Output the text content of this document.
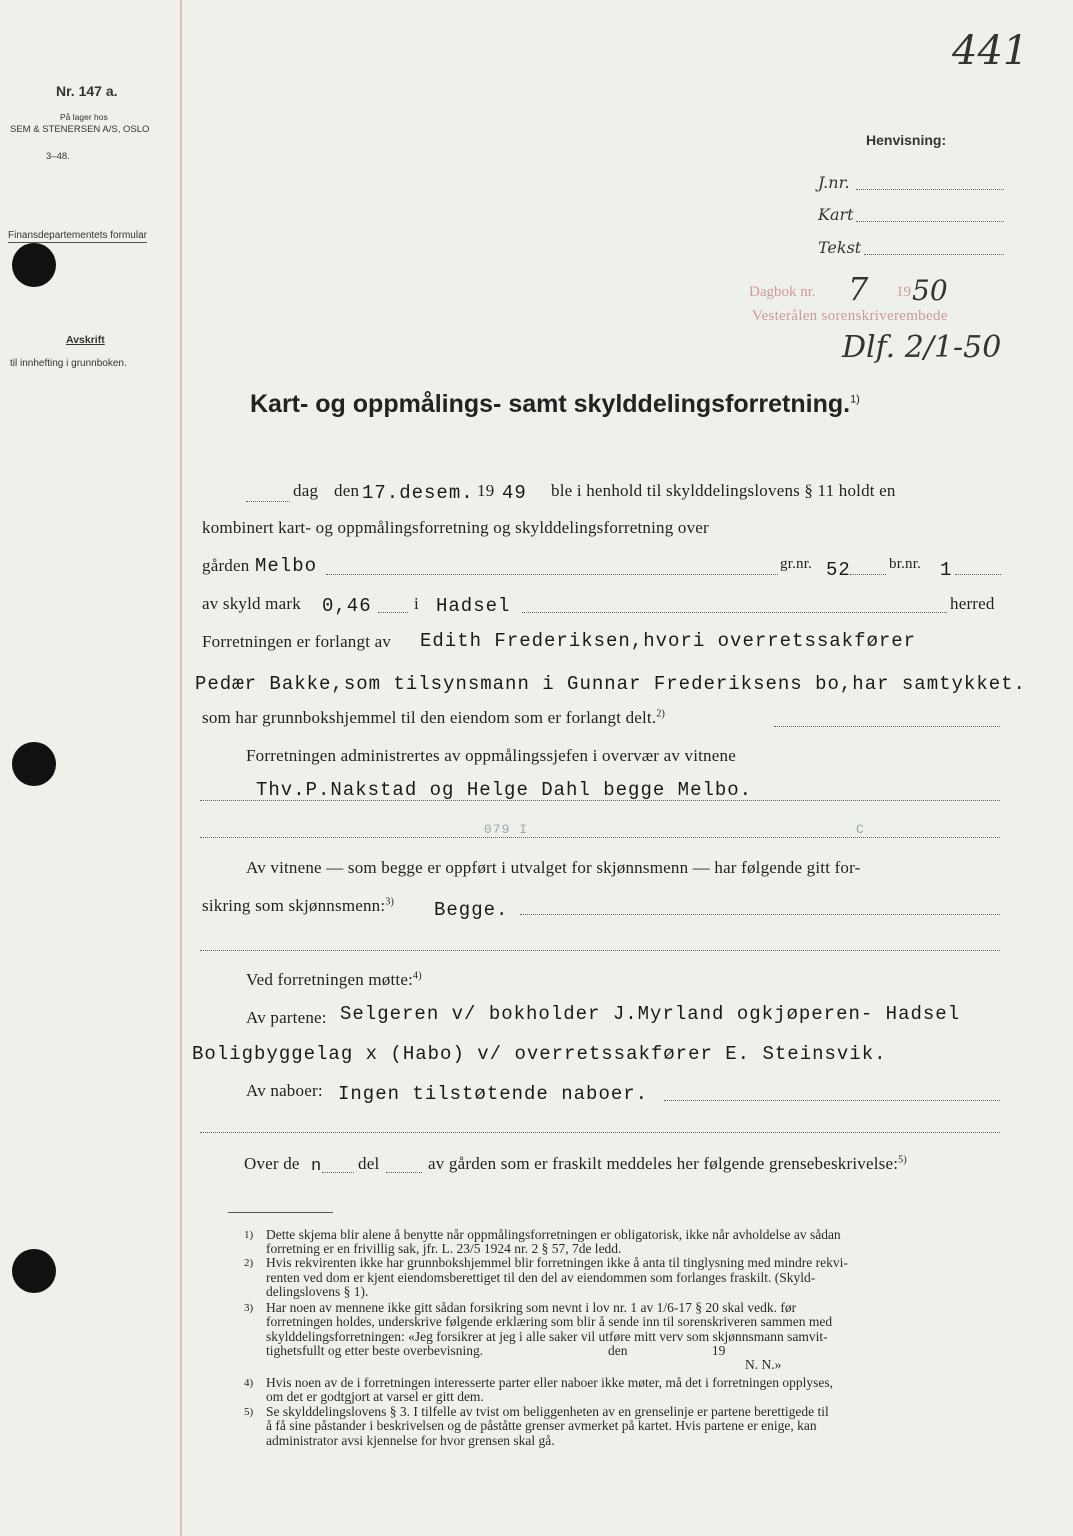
441
Nr. 147 a.
På lager hos
SEM & STENERSEN A/S, OSLO
3–48.
Finansdepartementets formular
Avskrift
til innhefting i grunnboken.
Henvisning:
J.nr.
Kart
Tekst
Dagbok nr. 7 19 50
Vesterålen sorenskriverembede
Dlf. 2/1-50
Kart- og oppmålings- samt skylddelingsforretning.$^{1)}$
dag den 17.desem. 19 49 ble i henhold til skylddelingslovens § 11 holdt en
kombinert kart- og oppmålingsforretning og skylddelingsforretning over
gården Melbo	gr.nr. 52	br.nr. 1
av skyld mark 0,46 i Hadsel	herred
Forretningen er forlangt av Edith Frederiksen,hvori overretssakfører
Pedær Bakke,som tilsynsmann i Gunnar Frederiksens bo,har samtykket.
som har grunnbokshjemmel til den eiendom som er forlangt delt.$^{2)}$
Forretningen administrertes av oppmålingssjefen i overvær av vitnene
Thv.P.Nakstad og Helge Dahl begge Melbo.
079 I	C
Av vitnene — som begge er oppført i utvalget for skjønnsmenn — har følgende gitt for-
sikring som skjønnsmenn:$^{3)}$ Begge.
Ved forretningen møtte:$^{4)}$
Av partene: Selgeren v/ bokholder J.Myrland ogkjøperen- Hadsel
Boligbyggelag x (Habo) v/ overretssakfører E. Steinsvik.
Av naboer: Ingen tilstøtende naboer.
Over de n del	av gården som er fraskilt meddeles her følgende grensebeskrivelse:$^{5)}$
1) Dette skjema blir alene å benytte når oppmålingsforretningen er obligatorisk, ikke når avholdelse av sådan
forretning er en frivillig sak, jfr. L. 23/5 1924 nr. 2 § 57, 7de ledd.
2) Hvis rekvirenten ikke har grunnbokshjemmel blir forretningen ikke å anta til tinglysning med mindre rekvi-
renten ved dom er kjent eiendomsberettiget til den del av eiendommen som forlanges fraskilt. (Skyld-
delingslovens § 1).
3) Har noen av mennene ikke gitt sådan forsikring som nevnt i lov nr. 1 av 1/6-17 § 20 skal vedk. før
forretningen holdes, underskrive følgende erklæring som blir å sende inn til sorenskriveren sammen med
skylddelingsforretningen: «Jeg forsikrer at jeg i alle saker vil utføre mitt verv som skjønnsmann samvit-
tighetsfullt og etter beste overbevisning.                                     den                         19
N. N.»
4) Hvis noen av de i forretningen interesserte parter eller naboer ikke møter, må det i forretningen opplyses,
om det er godtgjort at varsel er gitt dem.
5) Se skylddelingslovens § 3. I tilfelle av tvist om beliggenheten av en grenselinje er partene berettigede til
å få sine påstander i beskrivelsen og de påståtte grenser avmerket på kartet. Hvis partene er enige, kan
administrator avsi kjennelse for hvor grensen skal gå.
